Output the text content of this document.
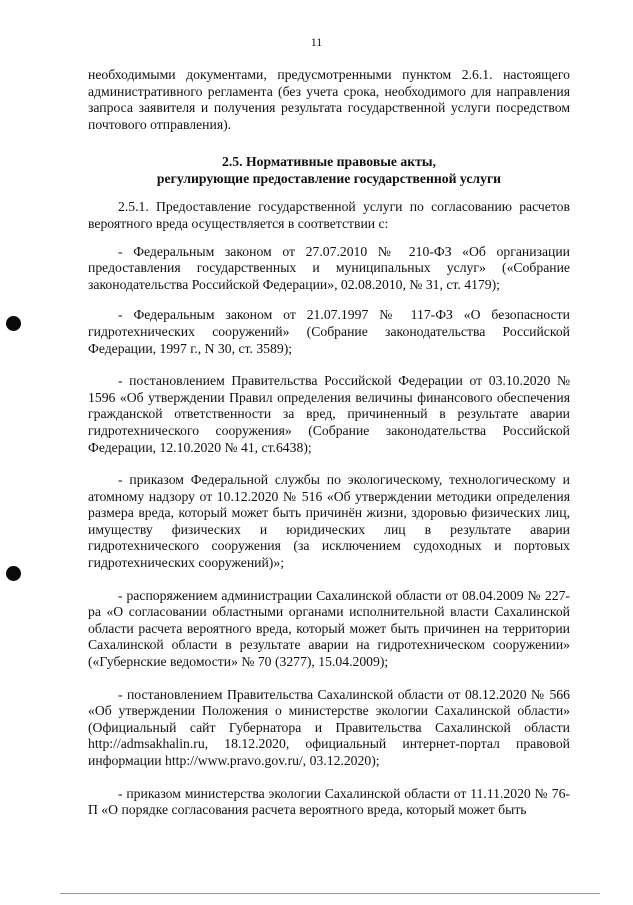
11

необходимыми документами, предусмотренными пунктом 2.6.1. настоящего административного регламента (без учета срока, необходимого для направления запроса заявителя и получения результата государственной услуги посредством почтового отправления).

2.5. Нормативные правовые акты,
регулирующие предоставление государственной услуги

2.5.1. Предоставление государственной услуги по согласованию расчетов вероятного вреда осуществляется в соответствии с:

- Федеральным законом от 27.07.2010 № 210-ФЗ «Об организации предоставления государственных и муниципальных услуг» («Собрание законодательства Российской Федерации», 02.08.2010, № 31, ст. 4179);

- Федеральным законом от 21.07.1997 № 117-ФЗ «О безопасности гидротехнических сооружений» (Собрание законодательства Российской Федерации, 1997 г., N 30, ст. 3589);

- постановлением Правительства Российской Федерации от 03.10.2020 № 1596 «Об утверждении Правил определения величины финансового обеспечения гражданской ответственности за вред, причиненный в результате аварии гидротехнического сооружения» (Собрание законодательства Российской Федерации, 12.10.2020 № 41, ст.6438);

- приказом Федеральной службы по экологическому, технологическому и атомному надзору от 10.12.2020 № 516 «Об утверждении методики определения размера вреда, который может быть причинён жизни, здоровью физических лиц, имуществу физических и юридических лиц в результате аварии гидротехнического сооружения (за исключением судоходных и портовых гидротехнических сооружений)»;

- распоряжением администрации Сахалинской области от 08.04.2009 № 227-ра «О согласовании областными органами исполнительной власти Сахалинской области расчета вероятного вреда, который может быть причинен на территории Сахалинской области в результате аварии на гидротехническом сооружении» («Губернские ведомости» № 70 (3277), 15.04.2009);

- постановлением Правительства Сахалинской области от 08.12.2020 № 566 «Об утверждении Положения о министерстве экологии Сахалинской области» (Официальный сайт Губернатора и Правительства Сахалинской области http://admsakhalin.ru, 18.12.2020, официальный интернет-портал правовой информации http://www.pravo.gov.ru/, 03.12.2020);

- приказом министерства экологии Сахалинской области от 11.11.2020 № 76-П «О порядке согласования расчета вероятного вреда, который может быть
